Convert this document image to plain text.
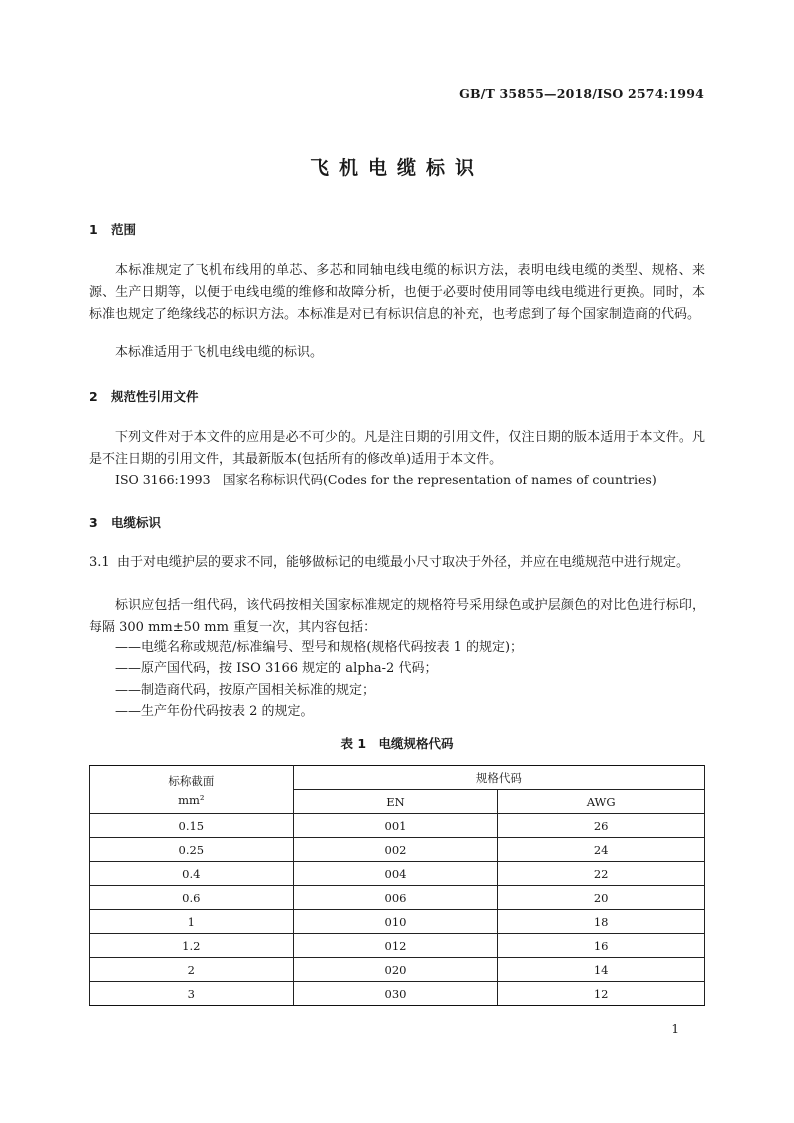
GB/T 35855—2018/ISO 2574:1994
飞机电缆标识
1 范围

本标准规定了飞机布线用的单芯、多芯和同轴电线电缆的标识方法，表明电线电缆的类型、规格、来源、生产日期等，以便于电线电缆的维修和故障分析，也便于必要时使用同等电线电缆进行更换。同时，本标准也规定了绝缘线芯的标识方法。本标准是对已有标识信息的补充，也考虑到了每个国家制造商的代码。

本标准适用于飞机电线电缆的标识。
2 规范性引用文件

下列文件对于本文件的应用是必不可少的。凡是注日期的引用文件，仅注日期的版本适用于本文件。凡是不注日期的引用文件，其最新版本(包括所有的修改单)适用于本文件。

ISO 3166:1993　国家名称标识代码(Codes for the representation of names of countries)
3 电缆标识

3.1 由于对电缆护层的要求不同，能够做标记的电缆最小尺寸取决于外径，并应在电缆规范中进行规定。

标识应包括一组代码，该代码按相关国家标准规定的规格符号采用绿色或护层颜色的对比色进行标印，每隔 300 mm±50 mm 重复一次，其内容包括：

——电缆名称或规范/标准编号、型号和规格(规格代码按表 1 的规定)；
——原产国代码，按 ISO 3166 规定的 alpha-2 代码；
——制造商代码，按原产国相关标准的规定；
——生产年份代码按表 2 的规定。
表 1　电缆规格代码
标称截面
mm²	规格代码	
	EN	AWG
0.15	001	26
0.25	002	24
0.4	004	22
0.6	006	20
1	010	18
1.2	012	16
2	020	14
3	030	12
1
